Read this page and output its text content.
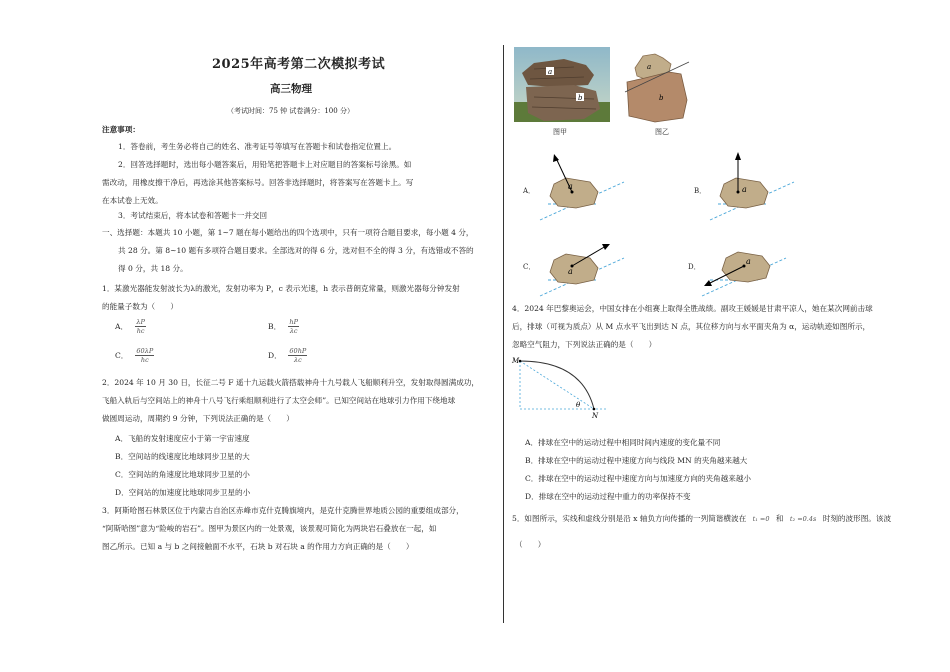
2025年高考第二次模拟考试
高三物理
（考试时间：75 钟 试卷满分：100 分）
注意事项：
1．答卷前，考生务必将自己的姓名、准考证号等填写在答题卡和试卷指定位置上。
2．回答选择题时，选出每小题答案后，用铅笔把答题卡上对应题目的答案标号涂黑。如
需改动，用橡皮擦干净后，再选涂其他答案标号。回答非选择题时，将答案写在答题卡上。写
在本试卷上无效。
3．考试结束后，将本试卷和答题卡一并交回
一、选择题：本题共 10 小题，第 1~7 题在每小题给出的四个选项中，只有一项符合题目要求，每小题 4 分，
共 28 分。第 8~10 题有多项符合题目要求。全部选对的得 6 分，选对但不全的得 3 分，有选错或不答的
得 0 分，共 18 分。
1．某激光器能发射波长为λ的激光，发射功率为 P，c 表示光速，h 表示普朗克常量，则激光器每分钟发射
的能量子数为（　　）
A． $\frac{\lambda P}{hc}$	B． $\frac{hP}{\lambda c}$
C． $\frac{60\lambda P}{hc}$	D． $\frac{60hP}{\lambda c}$
2．2024 年 10 月 30 日，长征二号 F 遥十九运载火箭搭载神舟十九号载人飞船顺利升空，发射取得圆满成功，
飞船入轨后与空间站上的神舟十八号飞行乘组顺利进行了太空会师”。已知空间站在地球引力作用下绕地球
做圆周运动，周期约 9 分钟，下列说法正确的是（　　）
A．飞船的发射速度应小于第一宇宙速度
B．空间站的线速度比地球同步卫星的大
C．空间站的角速度比地球同步卫星的小
D．空间站的加速度比地球同步卫星的小
3．阿斯哈图石林景区位于内蒙古自治区赤峰市克什克腾旗境内，是克什克腾世界地质公园的重要组成部分，
“阿斯哈图”意为“险峻的岩石”。图甲为景区内的一处景观，该景观可简化为两块岩石叠放在一起，如
图乙所示。已知 a 与 b 之间接触面不水平，石块 b 对石块 a 的作用力方向正确的是（　　）
a
b
图甲
a
b
图乙
A．	a	B．	a
C．	a	D．
a
4．2024 年巴黎奥运会，中国女排在小组赛上取得全胜战绩。副攻王媛媛是甘肃平凉人，她在某次网前击球
后，排球（可视为质点）从 M 点水平飞出到达 N 点，其位移方向与水平面夹角为 α，运动轨迹如图所示，
忽略空气阻力，下列说法正确的是（　　）
M
N
θ
A．排球在空中的运动过程中相同时间内速度的变化量不同
B．排球在空中的运动过程中速度方向与线段 MN 的夹角越来越大
C．排球在空中的运动过程中速度方向与加速度方向的夹角越来越小
D．排球在空中的运动过程中重力的功率保持不变
5．如图所示，实线和虚线分别是沿 x 轴负方向传播的一列简谐横波在 t₁ =0 和 t₂ =0.4s 时刻的波形图。该波
（　　）
